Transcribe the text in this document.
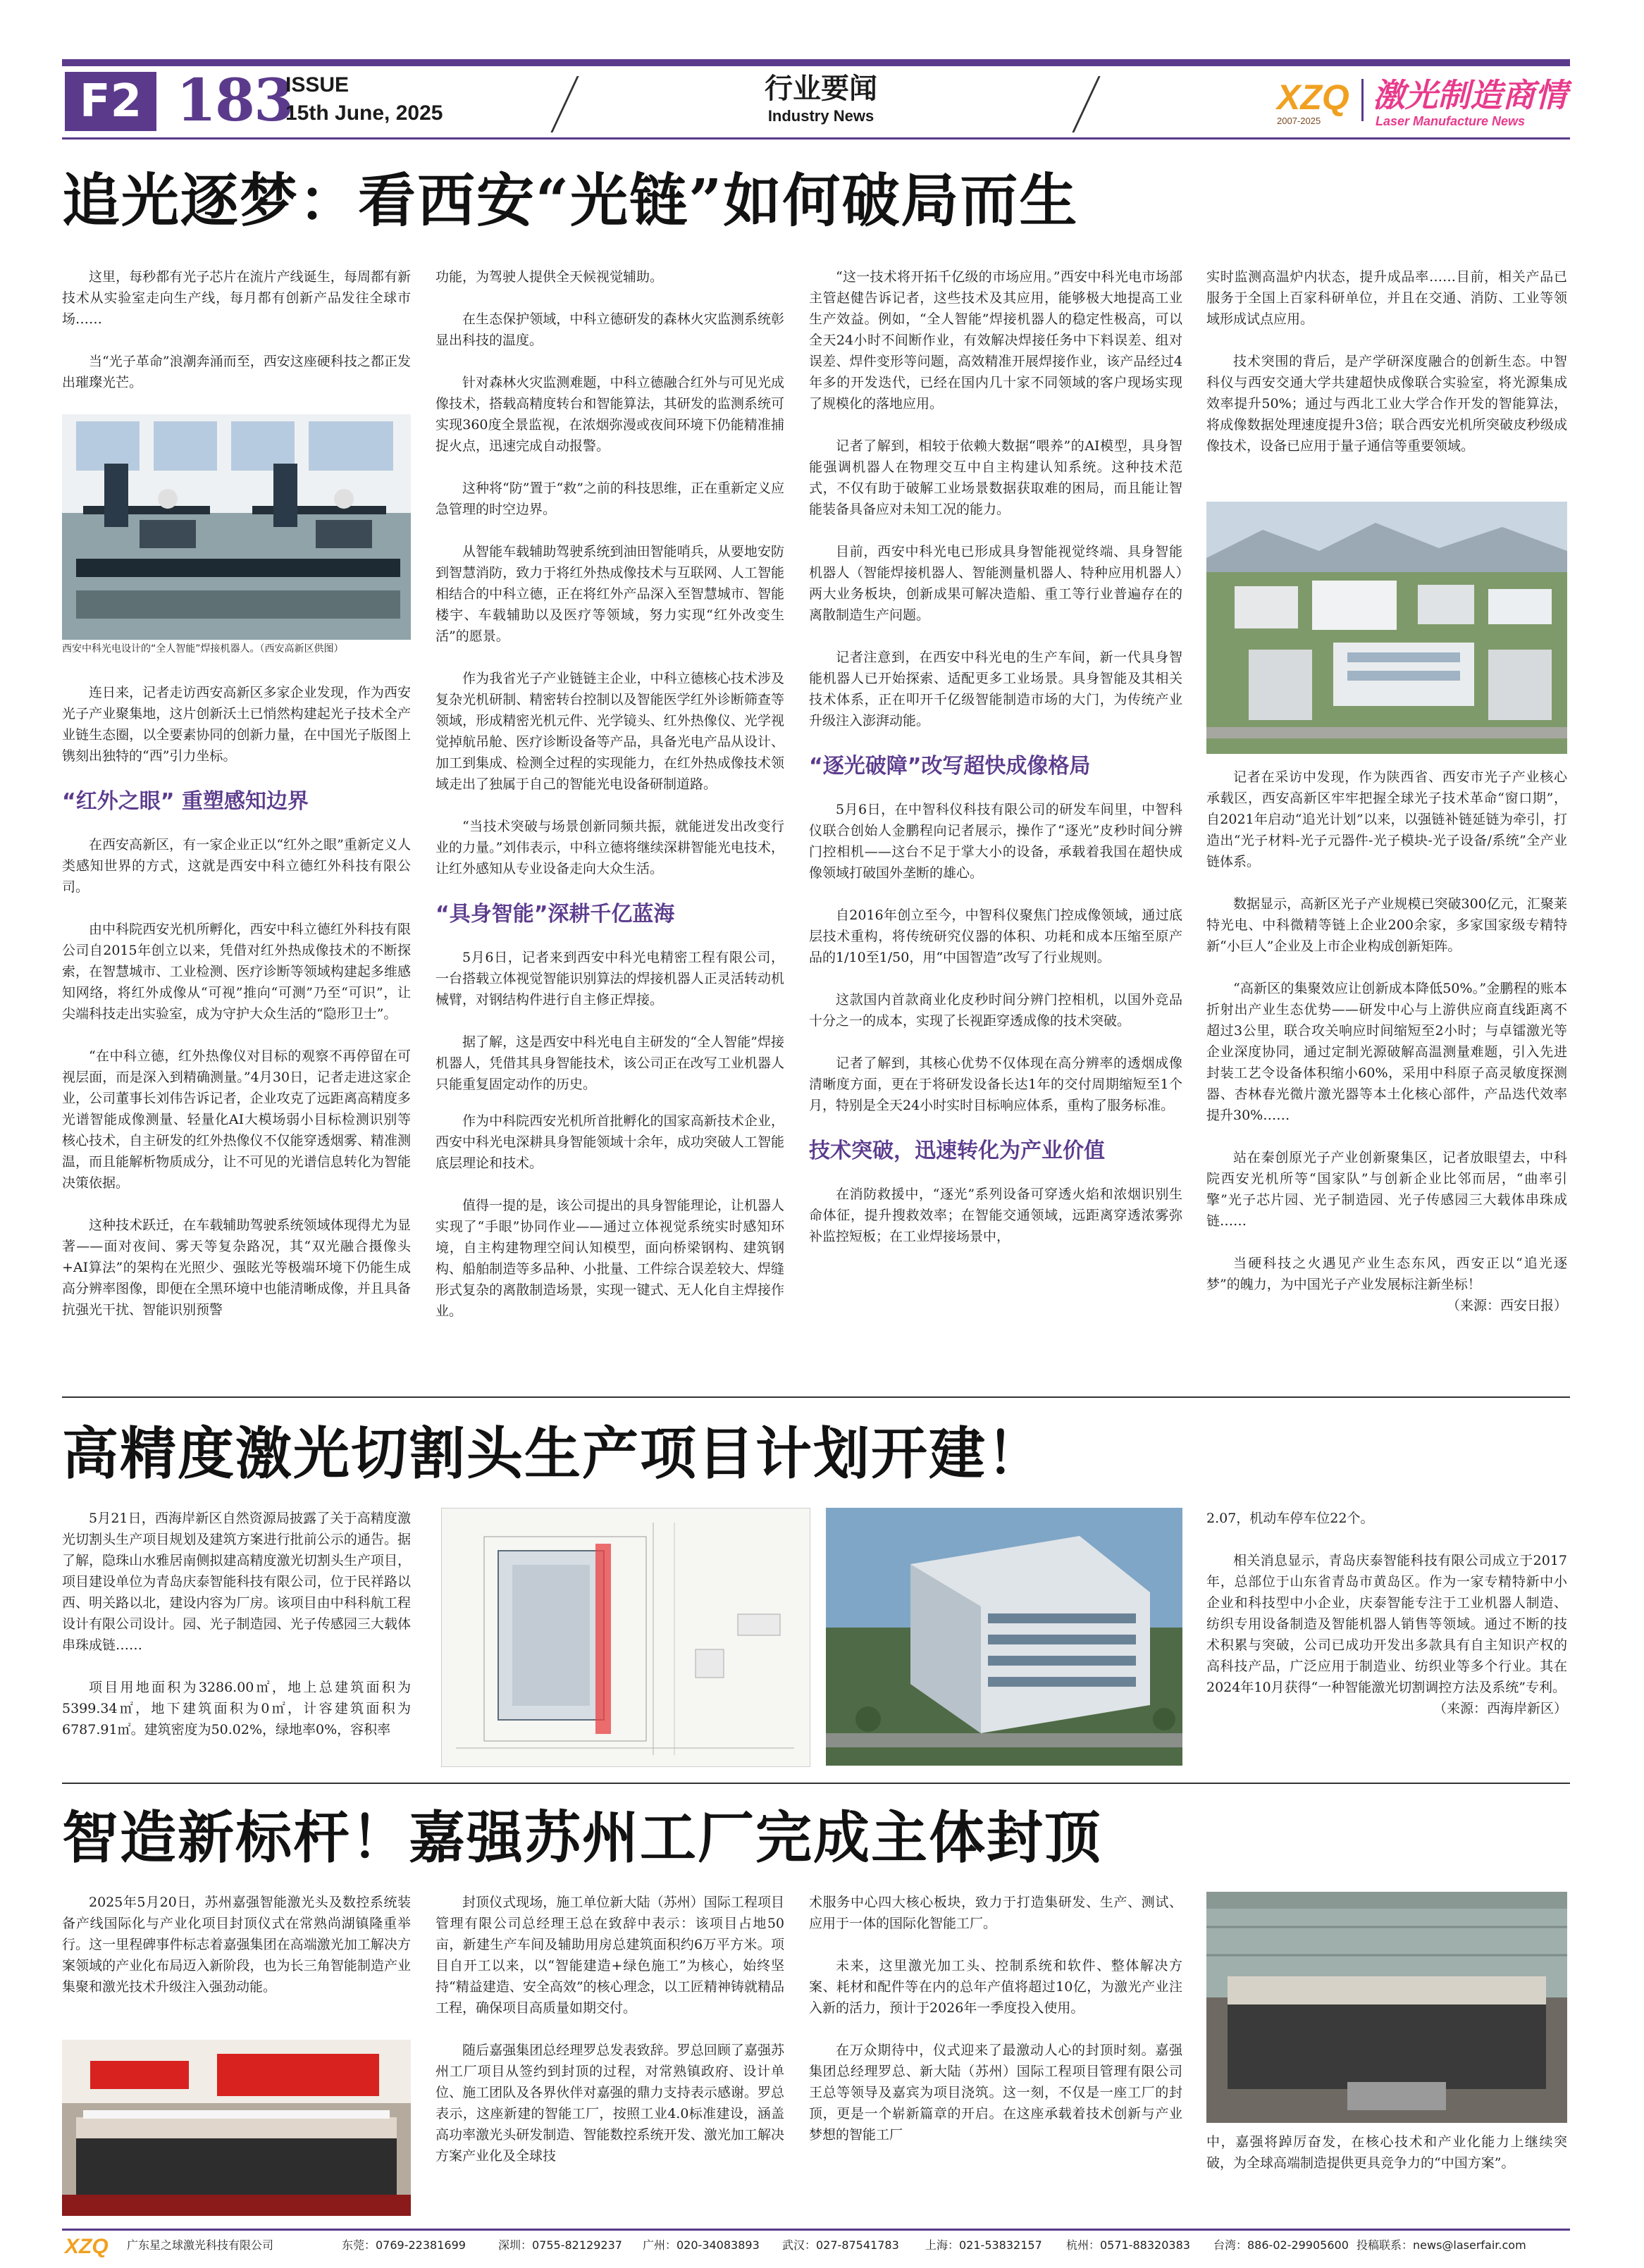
F2 183
ISSUE
15th June, 2025
行业要闻
Industry News	XZQ
2007-2025
激光制造商情
Laser Manufacture News
追光逐梦：看西安“光链”如何破局而生

这里，每秒都有光子芯片在流片产线诞生，每周都有新技术从实验室走向生产线，每月都有创新产品发往全球市场……

当“光子革命”浪潮奔涌而至，西安这座硬科技之都正发出璀璨光芒。

西安中科光电设计的“全人智能”焊接机器人。（西安高新区供图）

连日来，记者走访西安高新区多家企业发现，作为西安光子产业聚集地，这片创新沃土已悄然构建起光子技术全产业链生态圈，以全要素协同的创新力量，在中国光子版图上镌刻出独特的“西”引力坐标。

“红外之眼” 重塑感知边界

在西安高新区，有一家企业正以“红外之眼”重新定义人类感知世界的方式，这就是西安中科立德红外科技有限公司。

由中科院西安光机所孵化，西安中科立德红外科技有限公司自2015年创立以来，凭借对红外热成像技术的不断探索，在智慧城市、工业检测、医疗诊断等领域构建起多维感知网络，将红外成像从“可视”推向“可测”乃至“可识”，让尖端科技走出实验室，成为守护大众生活的“隐形卫士”。

“在中科立德，红外热像仪对目标的观察不再停留在可视层面，而是深入到精确测量。”4月30日，记者走进这家企业，公司董事长刘伟告诉记者，企业攻克了远距离高精度多光谱智能成像测量、轻量化AI大模场弱小目标检测识别等核心技术，自主研发的红外热像仪不仅能穿透烟雾、精准测温，而且能解析物质成分，让不可见的光谱信息转化为智能决策依据。

这种技术跃迁，在车载辅助驾驶系统领域体现得尤为显著——面对夜间、雾天等复杂路况，其“双光融合摄像头+AI算法”的架构在光照少、强眩光等极端环境下仍能生成高分辨率图像，即便在全黑环境中也能清晰成像，并且具备抗强光干扰、智能识别预警

功能，为驾驶人提供全天候视觉辅助。

在生态保护领域，中科立德研发的森林火灾监测系统彰显出科技的温度。

针对森林火灾监测难题，中科立德融合红外与可见光成像技术，搭载高精度转台和智能算法，其研发的监测系统可实现360度全景监视，在浓烟弥漫或夜间环境下仍能精准捕捉火点，迅速完成自动报警。

这种将“防”置于“救”之前的科技思维，正在重新定义应急管理的时空边界。

从智能车载辅助驾驶系统到油田智能哨兵，从要地安防到智慧消防，致力于将红外热成像技术与互联网、人工智能相结合的中科立德，正在将红外产品深入至智慧城市、智能楼宇、车载辅助以及医疗等领域，努力实现“红外改变生活”的愿景。

作为我省光子产业链链主企业，中科立德核心技术涉及复杂光机研制、精密转台控制以及智能医学红外诊断筛查等领域，形成精密光机元件、光学镜头、红外热像仪、光学视觉掉航吊舱、医疗诊断设备等产品，具备光电产品从设计、加工到集成、检测全过程的实现能力，在红外热成像技术领域走出了独属于自己的智能光电设备研制道路。

“当技术突破与场景创新同频共振，就能迸发出改变行业的力量。”刘伟表示，中科立德将继续深耕智能光电技术，让红外感知从专业设备走向大众生活。

“具身智能”深耕千亿蓝海

5月6日，记者来到西安中科光电精密工程有限公司，一台搭载立体视觉智能识别算法的焊接机器人正灵活转动机械臂，对钢结构件进行自主修正焊接。

据了解，这是西安中科光电自主研发的“全人智能”焊接机器人，凭借其具身智能技术，该公司正在改写工业机器人只能重复固定动作的历史。

作为中科院西安光机所首批孵化的国家高新技术企业，西安中科光电深耕具身智能领域十余年，成功突破人工智能底层理论和技术。

值得一提的是，该公司提出的具身智能理论，让机器人实现了“手眼”协同作业——通过立体视觉系统实时感知环境，自主构建物理空间认知模型，面向桥梁钢构、建筑钢构、船舶制造等多品种、小批量、工件综合误差较大、焊缝形式复杂的离散制造场景，实现一键式、无人化自主焊接作业。

“这一技术将开拓千亿级的市场应用。”西安中科光电市场部主管赵健告诉记者，这些技术及其应用，能够极大地提高工业生产效益。例如，“全人智能”焊接机器人的稳定性极高，可以全天24小时不间断作业，有效解决焊接任务中下料误差、组对误差、焊件变形等问题，高效精准开展焊接作业，该产品经过4年多的开发迭代，已经在国内几十家不同领域的客户现场实现了规模化的落地应用。

记者了解到，相较于依赖大数据“喂养”的AI模型，具身智能强调机器人在物理交互中自主构建认知系统。这种技术范式，不仅有助于破解工业场景数据获取难的困局，而且能让智能装备具备应对未知工况的能力。

目前，西安中科光电已形成具身智能视觉终端、具身智能机器人（智能焊接机器人、智能测量机器人、特种应用机器人）两大业务板块，创新成果可解决造船、重工等行业普遍存在的离散制造生产问题。

记者注意到，在西安中科光电的生产车间，新一代具身智能机器人已开始探索、适配更多工业场景。具身智能及其相关技术体系，正在叩开千亿级智能制造市场的大门，为传统产业升级注入澎湃动能。

“逐光破障”改写超快成像格局

5月6日，在中智科仪科技有限公司的研发车间里，中智科仪联合创始人金鹏程向记者展示，操作了“逐光”皮秒时间分辨门控相机——这台不足于掌大小的设备，承载着我国在超快成像领域打破国外垄断的雄心。

自2016年创立至今，中智科仪聚焦门控成像领域，通过底层技术重构，将传统研究仪器的体积、功耗和成本压缩至原产品的1/10至1/50，用“中国智造”改写了行业规则。

这款国内首款商业化皮秒时间分辨门控相机，以国外竞品十分之一的成本，实现了长视距穿透成像的技术突破。

记者了解到，其核心优势不仅体现在高分辨率的透烟成像清晰度方面，更在于将研发设备长达1年的交付周期缩短至1个月，特别是全天24小时实时目标响应体系，重构了服务标准。

技术突破，迅速转化为产业价值

在消防救援中，“逐光”系列设备可穿透火焰和浓烟识别生命体征，提升搜救效率；在智能交通领域，远距离穿透浓雾弥补监控短板；在工业焊接场景中，

实时监测高温炉内状态，提升成品率……目前，相关产品已服务于全国上百家科研单位，并且在交通、消防、工业等领域形成试点应用。

技术突围的背后，是产学研深度融合的创新生态。中智科仪与西安交通大学共建超快成像联合实验室，将光源集成效率提升50%；通过与西北工业大学合作开发的智能算法，将成像数据处理速度提升3倍；联合西安光机所突破皮秒级成像技术，设备已应用于量子通信等重要领域。

记者在采访中发现，作为陕西省、西安市光子产业核心承载区，西安高新区牢牢把握全球光子技术革命“窗口期”，自2021年启动“追光计划”以来，以强链补链延链为牵引，打造出“光子材料-光子元器件-光子模块-光子设备/系统”全产业链体系。

数据显示，高新区光子产业规模已突破300亿元，汇聚莱特光电、中科微精等链上企业200余家，多家国家级专精特新“小巨人”企业及上市企业构成创新矩阵。

“高新区的集聚效应让创新成本降低50%。”金鹏程的账本折射出产业生态优势——研发中心与上游供应商直线距离不超过3公里，联合攻关响应时间缩短至2小时；与卓镭激光等企业深度协同，通过定制光源破解高温测量难题，引入先进封装工艺令设备体积缩小60%，采用中科原子高灵敏度探测器、杏林春光微片激光器等本土化核心部件，产品迭代效率提升30%……

站在秦创原光子产业创新聚集区，记者放眼望去，中科院西安光机所等“国家队”与创新企业比邻而居，“曲率引擎”光子芯片园、光子制造园、光子传感园三大载体串珠成链……

当硬科技之火遇见产业生态东风，西安正以“追光逐梦”的魄力，为中国光子产业发展标注新坐标！

（来源：西安日报）

高精度激光切割头生产项目计划开建！

5月21日，西海岸新区自然资源局披露了关于高精度激光切割头生产项目规划及建筑方案进行批前公示的通告。据了解，隐珠山水雅居南侧拟建高精度激光切割头生产项目，项目建设单位为青岛庆泰智能科技有限公司，位于民祥路以西、明关路以北，建设内容为厂房。该项目由中科科航工程设计有限公司设计。园、光子制造园、光子传感园三大载体串珠成链……

项目用地面积为3286.00㎡，地上总建筑面积为5399.34㎡，地下建筑面积为0㎡，计容建筑面积为6787.91㎡。建筑密度为50.02%，绿地率0%，容积率

2.07，机动车停车位22个。

相关消息显示，青岛庆泰智能科技有限公司成立于2017年，总部位于山东省青岛市黄岛区。作为一家专精特新中小企业和科技型中小企业，庆泰智能专注于工业机器人制造、纺织专用设备制造及智能机器人销售等领域。通过不断的技术积累与突破，公司已成功开发出多款具有自主知识产权的高科技产品，广泛应用于制造业、纺织业等多个行业。其在2024年10月获得“一种智能激光切割调控方法及系统”专利。

（来源：西海岸新区）

智造新标杆！嘉强苏州工厂完成主体封顶

2025年5月20日，苏州嘉强智能激光头及数控系统装备产线国际化与产业化项目封顶仪式在常熟尚湖镇隆重举行。这一里程碑事件标志着嘉强集团在高端激光加工解决方案领域的产业化布局迈入新阶段，也为长三角智能制造产业集聚和激光技术升级注入强劲动能。

封顶仪式现场，施工单位新大陆（苏州）国际工程项目管理有限公司总经理王总在致辞中表示：该项目占地50亩，新建生产车间及辅助用房总建筑面积约6万平方米。项目自开工以来，以“智能建造+绿色施工”为核心，始终坚持“精益建造、安全高效”的核心理念，以工匠精神铸就精品工程，确保项目高质量如期交付。

随后嘉强集团总经理罗总发表致辞。罗总回顾了嘉强苏州工厂项目从签约到封顶的过程，对常熟镇政府、设计单位、施工团队及各界伙伴对嘉强的鼎力支持表示感谢。罗总表示，这座新建的智能工厂，按照工业4.0标准建设，涵盖高功率激光头研发制造、智能数控系统开发、激光加工解决方案产业化及全球技

术服务中心四大核心板块，致力于打造集研发、生产、测试、应用于一体的国际化智能工厂。

未来，这里激光加工头、控制系统和软件、整体解决方案、耗材和配件等在内的总年产值将超过10亿，为激光产业注入新的活力，预计于2026年一季度投入使用。

在万众期待中，仪式迎来了最激动人心的封顶时刻。嘉强集团总经理罗总、新大陆（苏州）国际工程项目管理有限公司王总等领导及嘉宾为项目浇筑。这一刻，不仅是一座工厂的封顶，更是一个崭新篇章的开启。在这座承载着技术创新与产业梦想的智能工厂	中，嘉强将踔厉奋发，在核心技术和产业化能力上继续突破，为全球高端制造提供更具竞争力的“中国方案”。

XZQ 广东星之球激光科技有限公司	东莞：0769-22381699	深圳：0755-82129237 广州：020-34083893 武汉：027-87541783 上海：021-53832157 杭州：0571-88320383 台湾：886-02-29905600 投稿联系：news@laserfair.com
